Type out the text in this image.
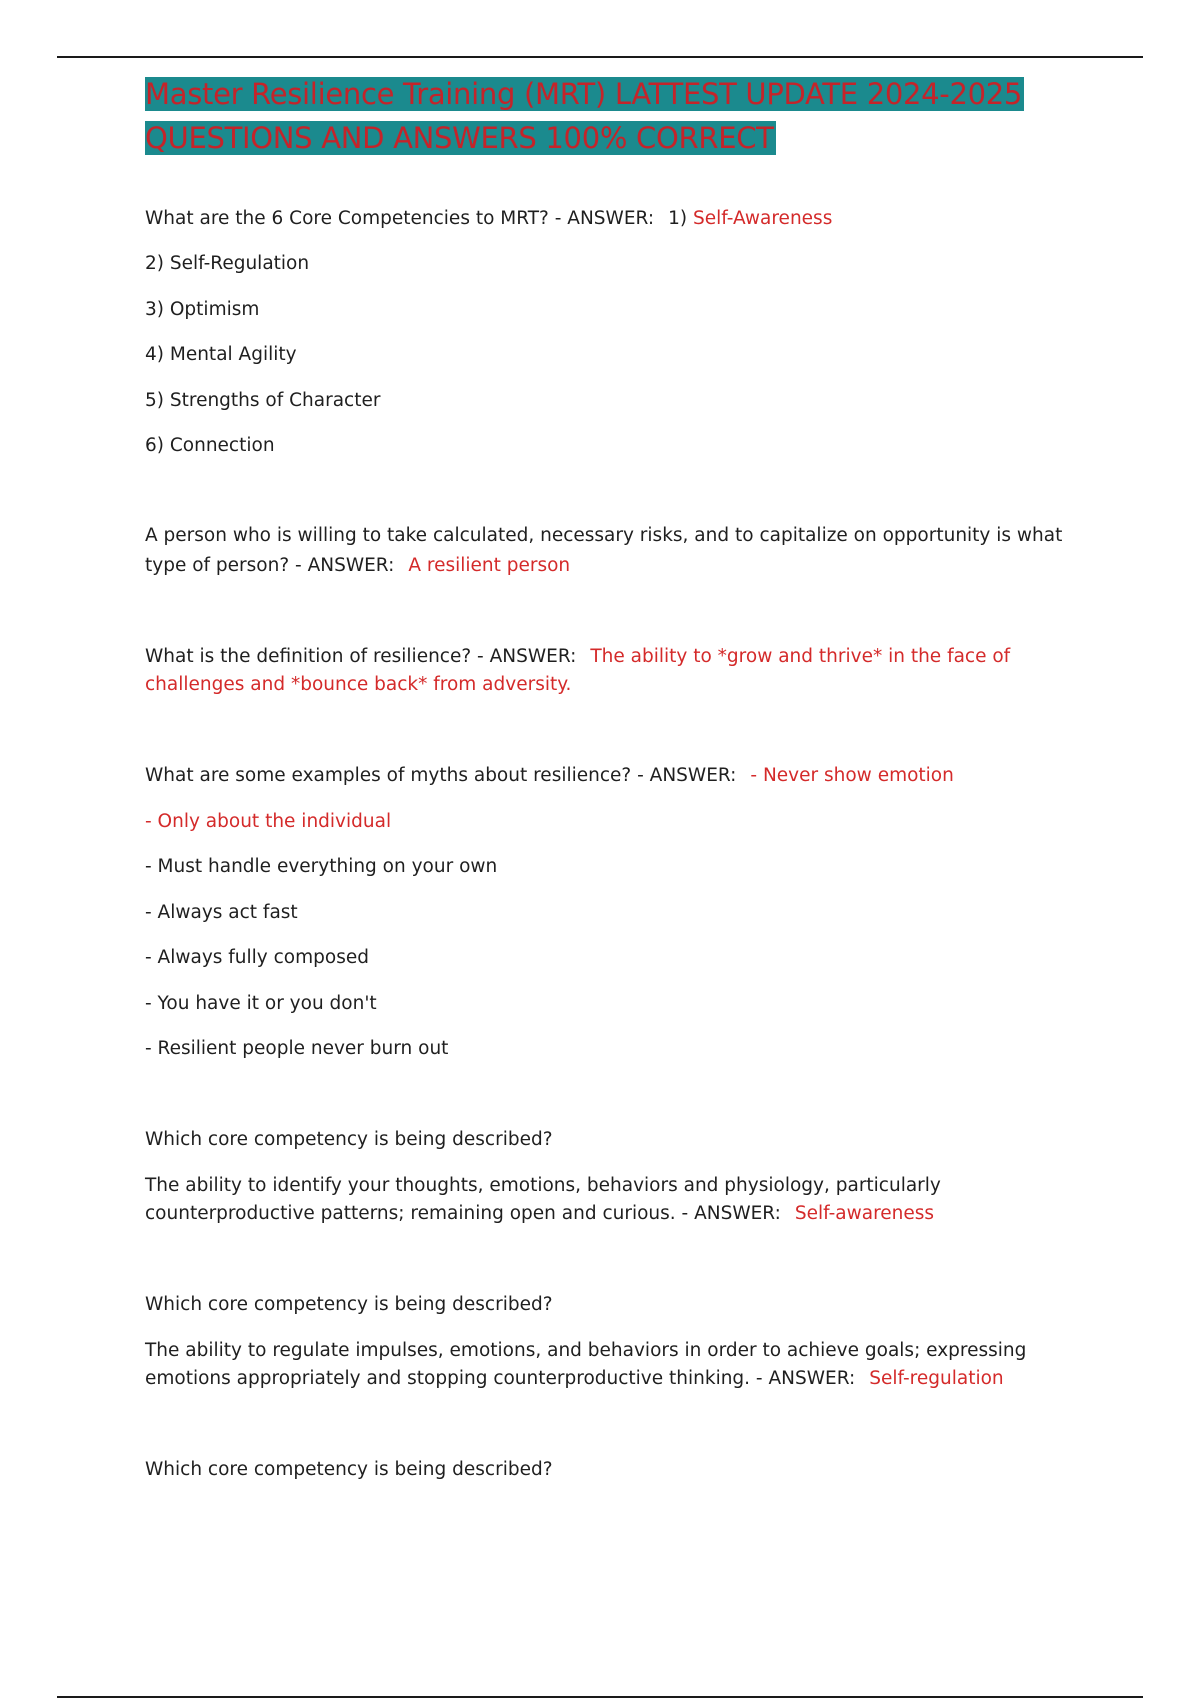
Master Resilience Training (MRT) LATTEST UPDATE 2024-2025
QUESTIONS AND ANSWERS 100% CORRECT

What are the 6 Core Competencies to MRT? - ANSWER: 1) Self-Awareness

2) Self-Regulation

3) Optimism

4) Mental Agility

5) Strengths of Character

6) Connection

A person who is willing to take calculated, necessary risks, and to capitalize on opportunity is what

type of person? - ANSWER: A resilient person

What is the definition of resilience? - ANSWER: The ability to *grow and thrive* in the face of

challenges and *bounce back* from adversity.

What are some examples of myths about resilience? - ANSWER: - Never show emotion

- Only about the individual

- Must handle everything on your own

- Always act fast

- Always fully composed

- You have it or you don't

- Resilient people never burn out

Which core competency is being described?

The ability to identify your thoughts, emotions, behaviors and physiology, particularly

counterproductive patterns; remaining open and curious. - ANSWER: Self-awareness

Which core competency is being described?

The ability to regulate impulses, emotions, and behaviors in order to achieve goals; expressing

emotions appropriately and stopping counterproductive thinking. - ANSWER: Self-regulation

Which core competency is being described?
